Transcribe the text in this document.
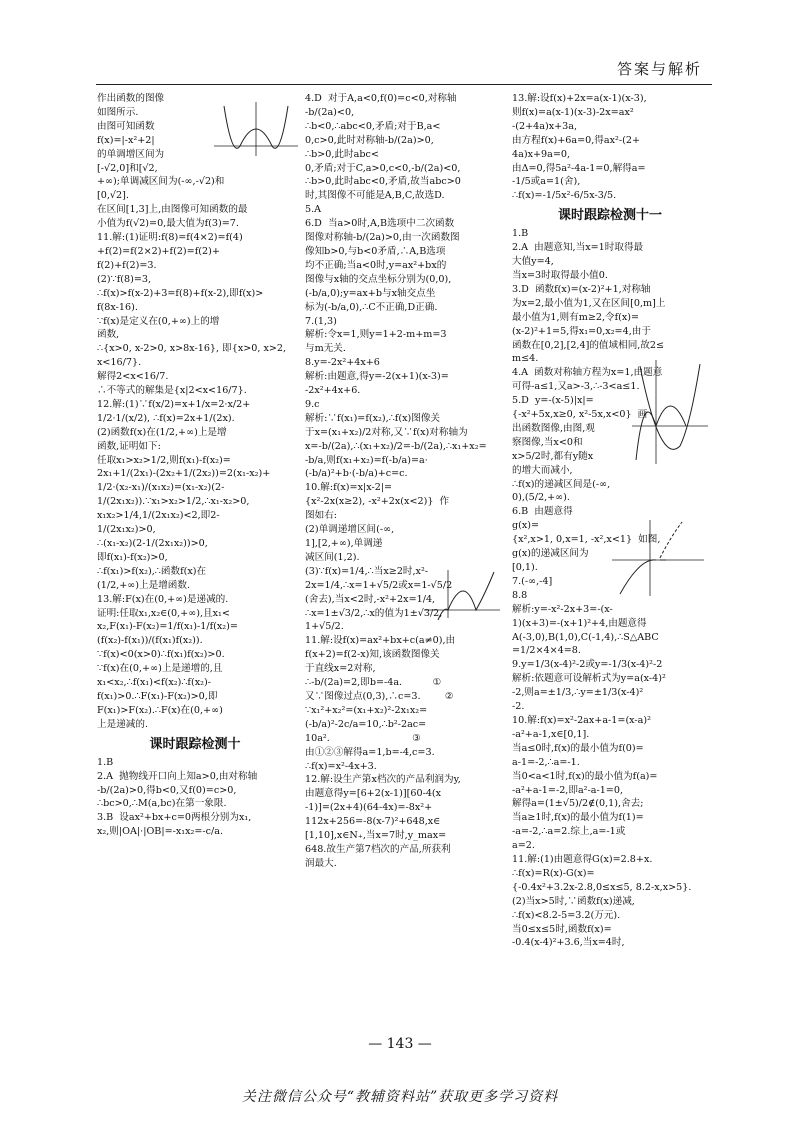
答案与解析
作出函数的图像
如图所示.
由图可知函数
f(x)=|-x²+2|
的单调增区间为
[-√2,0]和[√2,
+∞);单调减区间为(-∞,-√2)和
[0,√2].
在区间[1,3]上,由图像可知函数的最
小值为f(√2)=0,最大值为f(3)=7.
11.解:(1)证明:f(8)=f(4×2)=f(4)
+f(2)=f(2×2)+f(2)=f(2)+
f(2)+f(2)=3.
(2)∵f(8)=3,
∴f(x)>f(x-2)+3=f(8)+f(x-2),即f(x)>
f(8x-16).
∵f(x)是定义在(0,+∞)上的增
函数,
∴{x>0, x-2>0, x>8x-16}, 即{x>0, x>2, x<16/7}.
解得2<x<16/7.
∴不等式的解集是{x|2<x<16/7}.
12.解:(1)∵f(x/2)=x+1/x=2·x/2+
1/2·1/(x/2), ∴f(x)=2x+1/(2x).
(2)函数f(x)在(1/2,+∞)上是增
函数,证明如下:
任取x₁>x₂>1/2,则f(x₁)-f(x₂)=
2x₁+1/(2x₁)-(2x₂+1/(2x₂))=2(x₁-x₂)+
1/2·(x₂-x₁)/(x₁x₂)=(x₁-x₂)(2-
1/(2x₁x₂)).∵x₁>x₂>1/2,∴x₁-x₂>0,
x₁x₂>1/4,1/(2x₁x₂)<2,即2-
1/(2x₁x₂)>0,
∴(x₁-x₂)(2-1/(2x₁x₂))>0,
即f(x₁)-f(x₂)>0,
∴f(x₁)>f(x₂),∴函数f(x)在
(1/2,+∞)上是增函数.
13.解:F(x)在(0,+∞)是递减的.
证明:任取x₁,x₂∈(0,+∞),且x₁<
x₂,F(x₁)-F(x₂)=1/f(x₁)-1/f(x₂)=
(f(x₂)-f(x₁))/(f(x₁)f(x₂)).
∵f(x)<0(x>0)∴f(x₁)f(x₂)>0.
∵f(x)在(0,+∞)上是递增的,且
x₁<x₂,∴f(x₁)<f(x₂)∴f(x₂)-
f(x₁)>0.∴F(x₁)-F(x₂)>0,即
F(x₁)>F(x₂).∴F(x)在(0,+∞)
上是递减的.
课时跟踪检测十
1.B
2.A  抛物线开口向上知a>0,由对称轴
-b/(2a)>0,得b<0,又f(0)=c>0,
∴bc>0,∴M(a,bc)在第一象限.
3.B  设ax²+bx+c=0两根分别为x₁,
x₂,则|OA|·|OB|=-x₁x₂=-c/a.
4.D  对于A,a<0,f(0)=c<0,对称轴
-b/(2a)<0,
∴b<0,∴abc<0,矛盾;对于B,a<
0,c>0,此时对称轴-b/(2a)>0,
∴b>0,此时abc<
0,矛盾;对于C,a>0,c<0,-b/(2a)<0,
∴b>0,此时abc<0,矛盾,故当abc>0
时,其图像不可能是A,B,C,故选D.
5.A
6.D  当a>0时,A,B选项中二次函数
图像对称轴-b/(2a)>0,由一次函数图
像知b>0,与b<0矛盾,∴A,B选项
均不正确;当a<0时,y=ax²+bx的
图像与x轴的交点坐标分别为(0,0),
(-b/a,0);y=ax+b与x轴交点坐
标为(-b/a,0),∴C不正确,D正确.
7.(1,3)
解析:令x=1,则y=1+2-m+m=3
与m无关.
8.y=-2x²+4x+6
解析:由题意,得y=-2(x+1)(x-3)=
-2x²+4x+6.
9.c
解析:∵f(x₁)=f(x₂),∴f(x)图像关
于x=(x₁+x₂)/2对称,又∵f(x)对称轴为
x=-b/(2a),∴(x₁+x₂)/2=-b/(2a),∴x₁+x₂=
-b/a,则f(x₁+x₂)=f(-b/a)=a·
(-b/a)²+b·(-b/a)+c=c.
10.解:f(x)=x|x-2|=
{x²-2x(x≥2), -x²+2x(x<2)}  作
图如右:
(2)单调递增区间(-∞,
1],[2,+∞),单调递
减区间(1,2).
(3)∵f(x)=1/4,∴当x≥2时,x²-
2x=1/4,∴x=1+√5/2或x=1-√5/2
(舍去),当x<2时,-x²+2x=1/4,
∴x=1±√3/2,∴x的值为1±√3/2,
1+√5/2.
11.解:设f(x)=ax²+bx+c(a≠0),由
f(x+2)=f(2-x)知,该函数图像关
于直线x=2对称,
∴-b/(2a)=2,即b=-4a.          ①
又∵图像过点(0,3),∴c=3.        ②
∵x₁²+x₂²=(x₁+x₂)²-2x₁x₂=
(-b/a)²-2c/a=10,∴b²-2ac=
10a².                           ③
由①②③解得a=1,b=-4,c=3.
∴f(x)=x²-4x+3.
12.解:设生产第x档次的产品利润为y,
由题意得y=[6+2(x-1)][60-4(x
-1)]=(2x+4)(64-4x)=-8x²+
112x+256=-8(x-7)²+648,x∈
[1,10],x∈N₊,当x=7时,y_max=
648.故生产第7档次的产品,所获利
润最大.
13.解:设f(x)+2x=a(x-1)(x-3),
则f(x)=a(x-1)(x-3)-2x=ax²
-(2+4a)x+3a,
由方程f(x)+6a=0,得ax²-(2+
4a)x+9a=0,
由Δ=0,得5a²-4a-1=0,解得a=
-1/5或a=1(舍),
∴f(x)=-1/5x²-6/5x-3/5.
课时跟踪检测十一
1.B
2.A  由题意知,当x=1时取得最
大值y=4,
当x=3时取得最小值0.
3.D  函数f(x)=(x-2)²+1,对称轴
为x=2,最小值为1,又在区间[0,m]上
最小值为1,则有m≥2,令f(x)=
(x-2)²+1=5,得x₁=0,x₂=4,由于
函数在[0,2],[2,4]的值域相同,故2≤
m≤4.
4.A  函数对称轴方程为x=1,由题意
可得-a≤1,又a>-3,∴-3<a≤1.
5.D  y=-(x-5)|x|=
{-x²+5x,x≥0, x²-5x,x<0}  画
出函数图像,由图,观
察图像,当x<0和
x>5/2时,都有y随x
的增大而减小,
∴f(x)的递减区间是(-∞,
0),(5/2,+∞).
6.B  由题意得
g(x)=
{x²,x>1, 0,x=1, -x²,x<1}  如图,
g(x)的递减区间为
[0,1).
7.(-∞,-4]
8.8
解析:y=-x²-2x+3=-(x-
1)(x+3)=-(x+1)²+4,由题意得
A(-3,0),B(1,0),C(-1,4),∴S△ABC
=1/2×4×4=8.
9.y=1/3(x-4)²-2或y=-1/3(x-4)²-2
解析:依题意可设解析式为y=a(x-4)²
-2,则a=±1/3,∴y=±1/3(x-4)²
-2.
10.解:f(x)=x²-2ax+a-1=(x-a)²
-a²+a-1,x∈[0,1].
当a≤0时,f(x)的最小值为f(0)=
a-1=-2,∴a=-1.
当0<a<1时,f(x)的最小值为f(a)=
-a²+a-1=-2,即a²-a-1=0,
解得a=(1±√5)/2∉(0,1),舍去;
当a≥1时,f(x)的最小值为f(1)=
-a=-2,∴a=2.综上,a=-1或
a=2.
11.解:(1)由题意得G(x)=2.8+x.
∴f(x)=R(x)-G(x)=
{-0.4x²+3.2x-2.8,0≤x≤5, 8.2-x,x>5}.
(2)当x>5时,∵函数f(x)递减,
∴f(x)<8.2-5=3.2(万元).
当0≤x≤5时,函数f(x)=
-0.4(x-4)²+3.6,当x=4时,
— 143 —
关注微信公众号“教辅资料站”获取更多学习资料
